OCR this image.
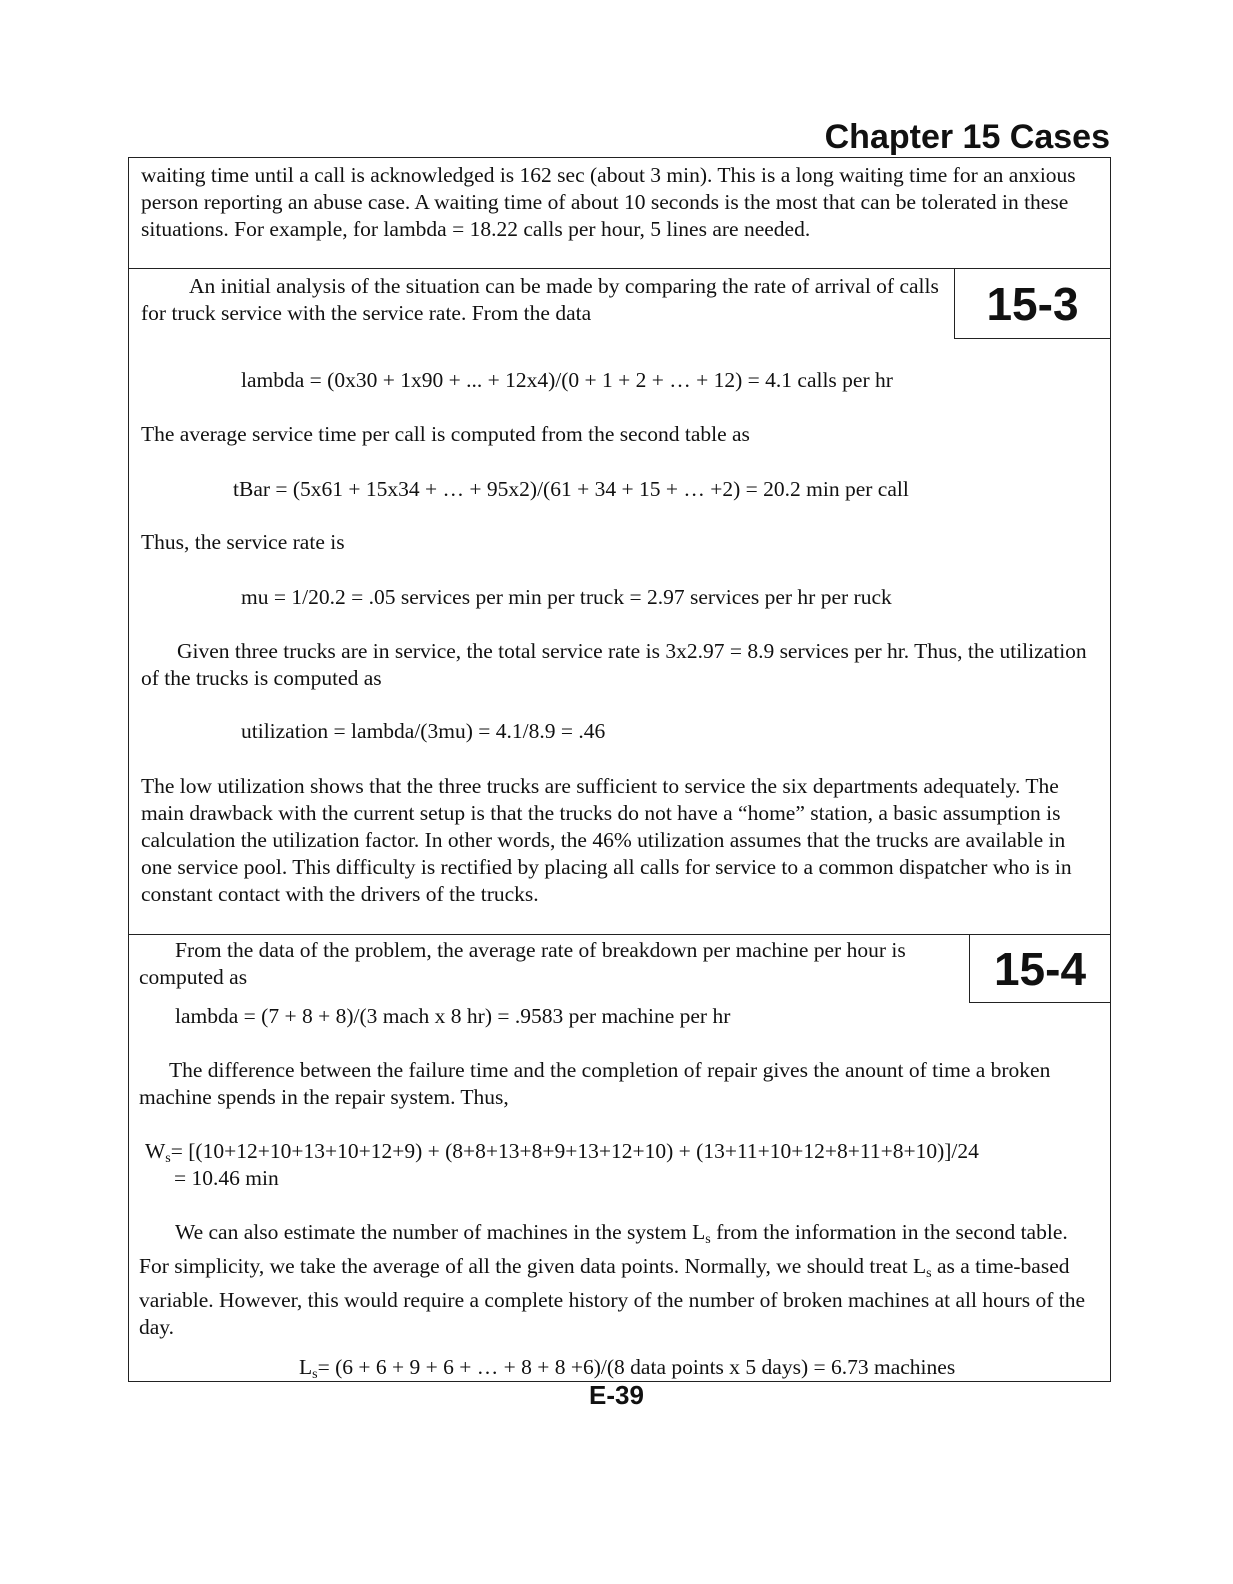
Chapter 15 Cases

waiting time until a call is acknowledged is 162 sec (about 3 min). This is a long waiting time for an anxious person reporting an abuse case. A waiting time of about 10 seconds is the most that can be tolerated in these situations. For example, for lambda = 18.22 calls per hour, 5 lines are needed.

15-3

An initial analysis of the situation can be made by comparing the rate of arrival of calls for truck service with the service rate. From the data

lambda = (0x30 + 1x90 + ... + 12x4)/(0 + 1 + 2 + … + 12) = 4.1 calls per hr

The average service time per call is computed from the second table as

tBar = (5x61 + 15x34 + … + 95x2)/(61 + 34 + 15 + … +2) = 20.2 min per call

Thus, the service rate is

mu = 1/20.2 = .05 services per min per truck = 2.97 services per hr per ruck

Given three trucks are in service, the total service rate is 3x2.97 = 8.9 services per hr. Thus, the utilization of the trucks is computed as

utilization = lambda/(3mu) = 4.1/8.9 = .46

The low utilization shows that the three trucks are sufficient to service the six departments adequately. The main drawback with the current setup is that the trucks do not have a “home” station, a basic assumption is calculation the utilization factor. In other words, the 46% utilization assumes that the trucks are available in one service pool. This difficulty is rectified by placing all calls for service to a common dispatcher who is in constant contact with the drivers of the trucks.

15-4

From the data of the problem, the average rate of breakdown per machine per hour is computed as

lambda = (7 + 8 + 8)/(3 mach x 8 hr) = .9583 per machine per hr

The difference between the failure time and the completion of repair gives the anount of time a broken machine spends in the repair system. Thus,

$W_s= [(10+12+10+13+10+12+9) + (8+8+13+8+9+13+12+10) + (13+11+10+12+8+11+8+10)]/24$
= 10.46 min

We can also estimate the number of machines in the system $L_s$ from the information in the second table. For simplicity, we take the average of all the given data points. Normally, we should treat $L_s$ as a time-based variable. However, this would require a complete history of the number of broken machines at all hours of the day.

$L_s= (6 + 6 + 9 + 6$ + … + 8 + 8 +6)/(8 data points x 5 days) = 6.73 machines
E-39
